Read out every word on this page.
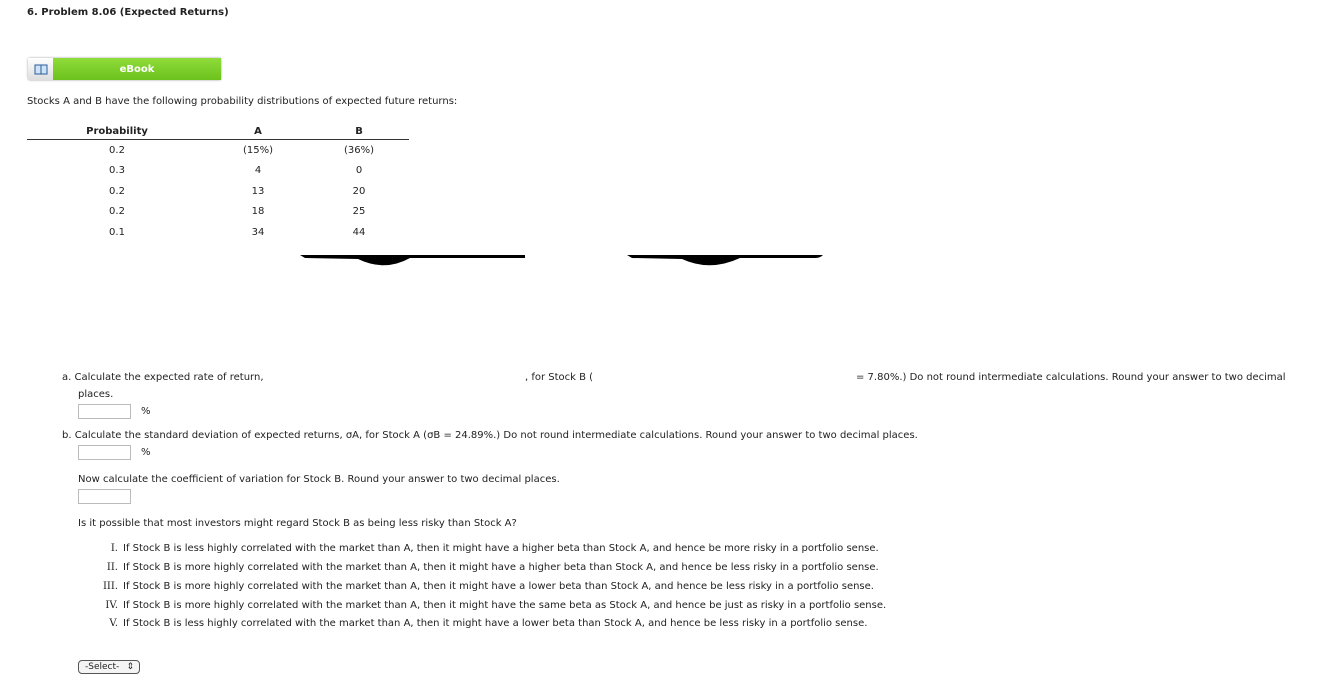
6. Problem 8.06 (Expected Returns)
eBook
Stocks A and B have the following probability distributions of expected future returns:
Probability	A	B
0.2	(15%)	(36%)
0.3	4	0
0.2	13	20
0.2	18	25
0.1	34	44
a. Calculate the expected rate of return,	, for Stock B (	= 7.80%.) Do not round intermediate calculations. Round your answer to two decimal
places.
%
b. Calculate the standard deviation of expected returns, σA, for Stock A (σB = 24.89%.) Do not round intermediate calculations. Round your answer to two decimal places.
%
Now calculate the coefficient of variation for Stock B. Round your answer to two decimal places.
Is it possible that most investors might regard Stock B as being less risky than Stock A?
I. If Stock B is less highly correlated with the market than A, then it might have a higher beta than Stock A, and hence be more risky in a portfolio sense.
II. If Stock B is more highly correlated with the market than A, then it might have a higher beta than Stock A, and hence be less risky in a portfolio sense.
III. If Stock B is more highly correlated with the market than A, then it might have a lower beta than Stock A, and hence be less risky in a portfolio sense.
IV. If Stock B is more highly correlated with the market than A, then it might have the same beta as Stock A, and hence be just as risky in a portfolio sense.
V. If Stock B is less highly correlated with the market than A, then it might have a lower beta than Stock A, and hence be less risky in a portfolio sense.
-Select- ⇕
